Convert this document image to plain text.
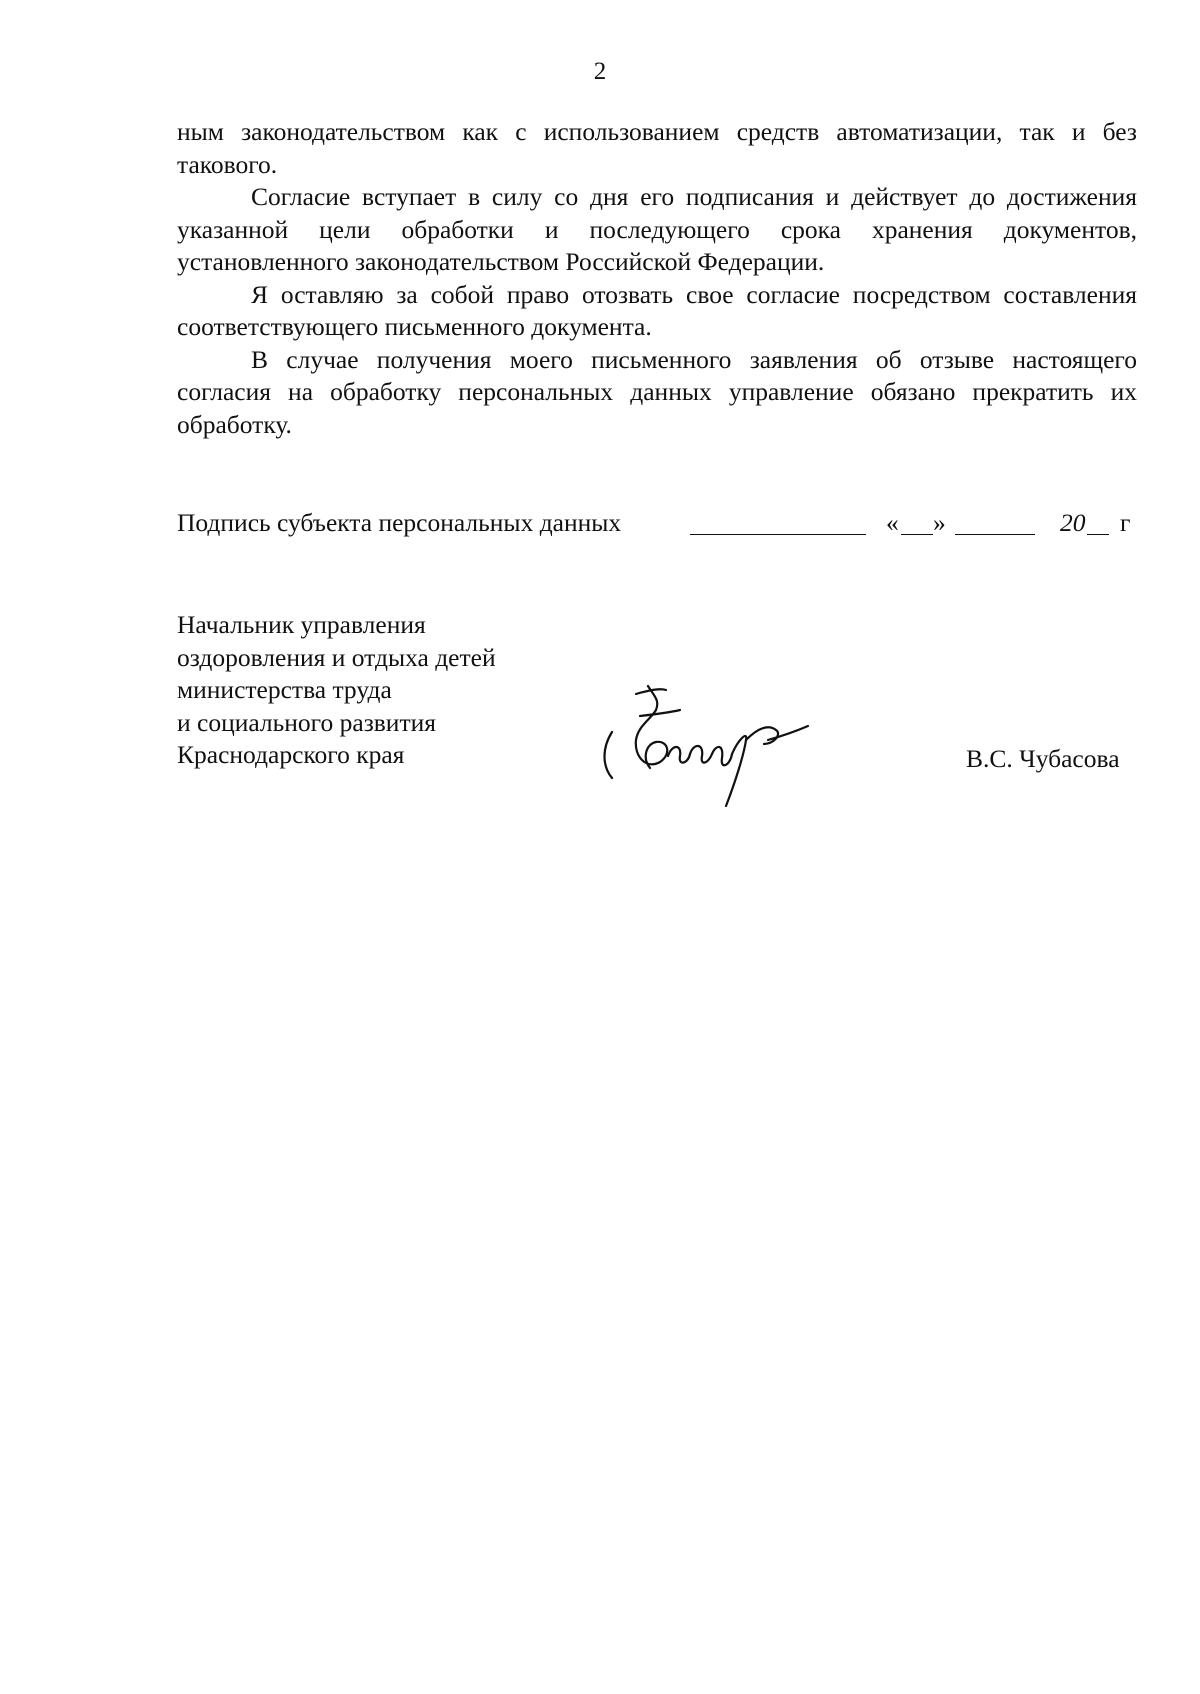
2

ным законодательством как с использованием средств автоматизации, так и без такового.

Согласие вступает в силу со дня его подписания и действует до достижения указанной цели обработки и последующего срока хранения документов, установленного законодательством Российской Федерации.

Я оставляю за собой право отозвать свое согласие посредством составления соответствующего письменного документа.

В случае получения моего письменного заявления об отзыве настоящего согласия на обработку персональных данных управление обязано прекратить их обработку.

Подпись субъекта персональных данных	« »	20 г
Начальник управления
оздоровления и отдыха детей
министерства труда
и социального развития
Краснодарского края	В.С. Чубасова
